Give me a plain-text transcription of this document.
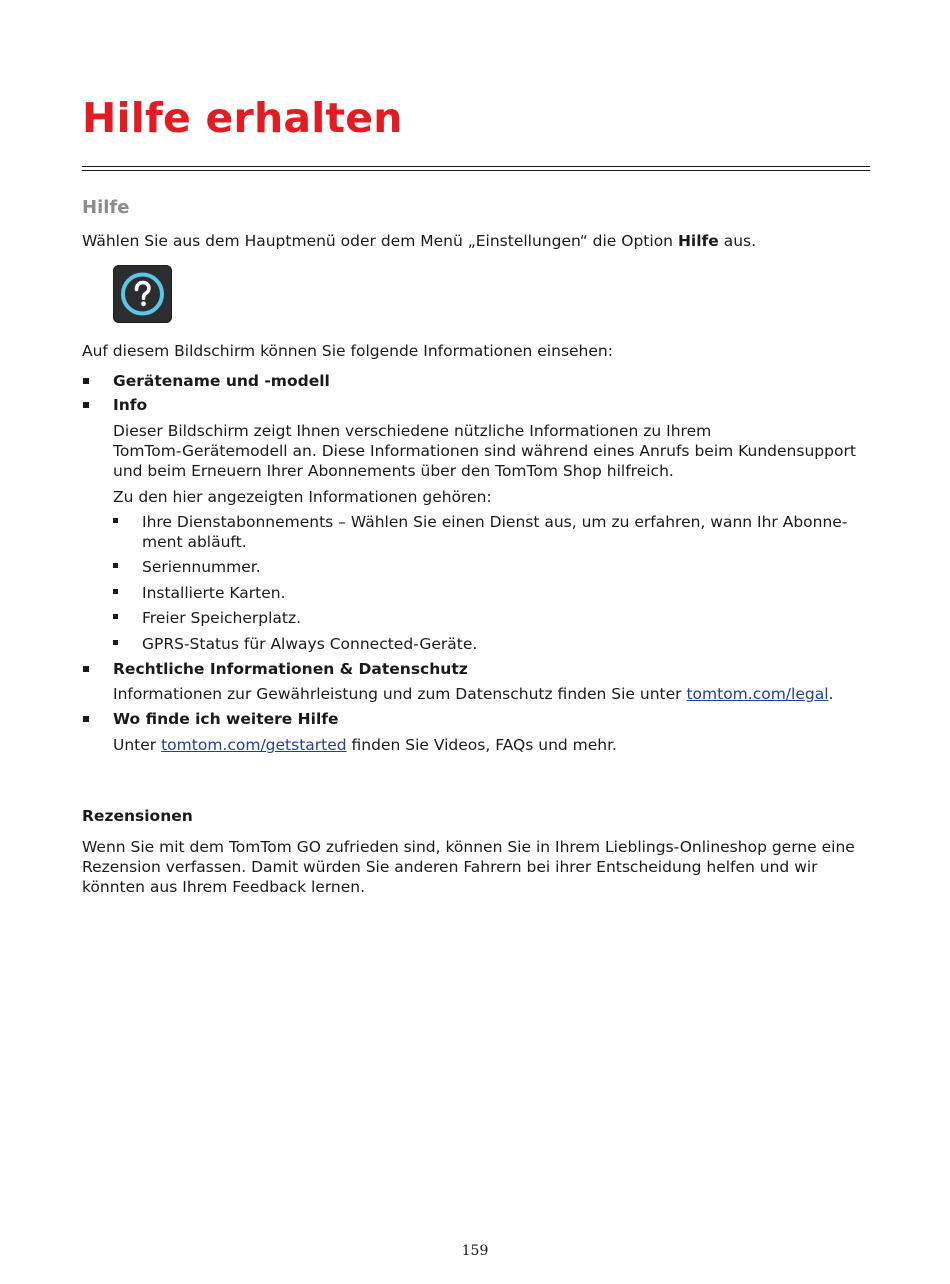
Hilfe erhalten
Hilfe

Wählen Sie aus dem Hauptmenü oder dem Menü „Einstellungen“ die Option Hilfe aus.

Auf diesem Bildschirm können Sie folgende Informationen einsehen:

Gerätename und -modell

Info

Dieser Bildschirm zeigt Ihnen verschiedene nützliche Informationen zu Ihrem

TomTom-Gerätemodell an. Diese Informationen sind während eines Anrufs beim Kundensupport

und beim Erneuern Ihrer Abonnements über den TomTom Shop hilfreich.

Zu den hier angezeigten Informationen gehören:

Ihre Dienstabonnements – Wählen Sie einen Dienst aus, um zu erfahren, wann Ihr Abonne-

ment abläuft.

Seriennummer.

Installierte Karten.

Freier Speicherplatz.

GPRS-Status für Always Connected-Geräte.

Rechtliche Informationen & Datenschutz

Informationen zur Gewährleistung und zum Datenschutz finden Sie unter tomtom.com/legal.

Wo finde ich weitere Hilfe

Unter tomtom.com/getstarted finden Sie Videos, FAQs und mehr.

Rezensionen

Wenn Sie mit dem TomTom GO zufrieden sind, können Sie in Ihrem Lieblings-Onlineshop gerne eine

Rezension verfassen. Damit würden Sie anderen Fahrern bei ihrer Entscheidung helfen und wir

könnten aus Ihrem Feedback lernen.

159
